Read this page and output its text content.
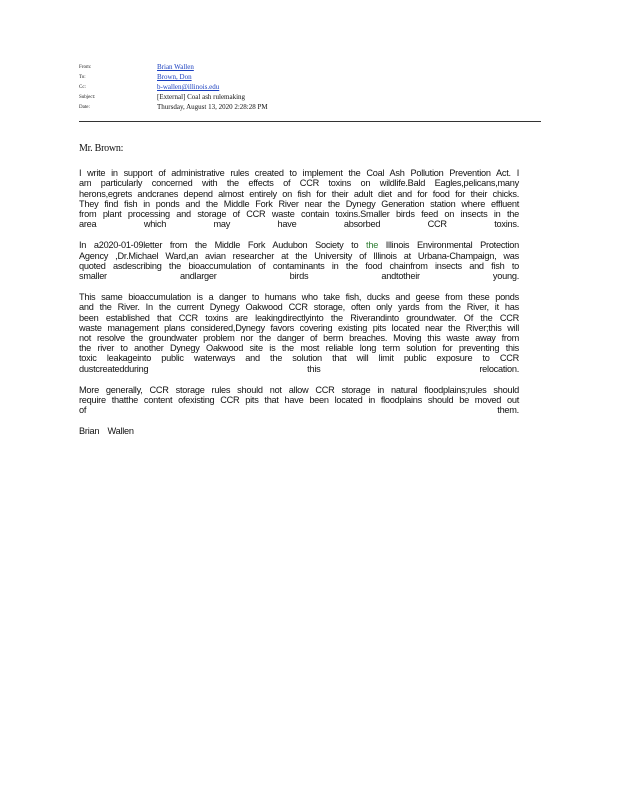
From:	Brian Wallen
To:	Brown, Don
Cc:	b-wallen@illinois.edu
Subject:	[External] Coal ash rulemaking
Date:	Thursday, August 13, 2020 2:28:28 PM

Mr. Brown:

I write in support of administrative rules created to implement the Coal Ash Pollution Prevention Act. I am particularly concerned with the effects of CCR toxins on wildlife.Bald Eagles,pelicans,many herons,egrets andcranes depend almost entirely on fish for their adult diet and for food for their chicks. They find fish in ponds and the Middle Fork River near the Dynegy Generation station where effluent from plant processing and storage of CCR waste contain toxins.Smaller birds feed on insects in the area which may have absorbed CCR toxins.

In a2020-01-09letter from the Middle Fork Audubon Society to the Illinois Environmental Protection Agency ,Dr.Michael Ward,an avian researcher at the University of Illinois at Urbana-Champaign, was quoted asdescribing the bioaccumulation of contaminants in the food chainfrom insects and fish to smaller andlarger birds andtotheir young.

This same bioaccumulation is a danger to humans who take fish, ducks and geese from these ponds and the River. In the current Dynegy Oakwood CCR storage, often only yards from the River, it has been established that CCR toxins are leakingdirectlyinto the Riverandinto groundwater. Of the CCR waste management plans considered,Dynegy favors covering existing pits located near the River;this will not resolve the groundwater problem nor the danger of berm breaches. Moving this waste away from the river to another Dynegy Oakwood site is the most reliable long term solution for preventing this toxic leakageinto public waterways and the solution that will limit public exposure to CCR dustcreatedduring this relocation.

More generally, CCR storage rules should not allow CCR storage in natural floodplains;rules should require thatthe content ofexisting CCR pits that have been located in floodplains should be moved out of them.

Brian Wallen
